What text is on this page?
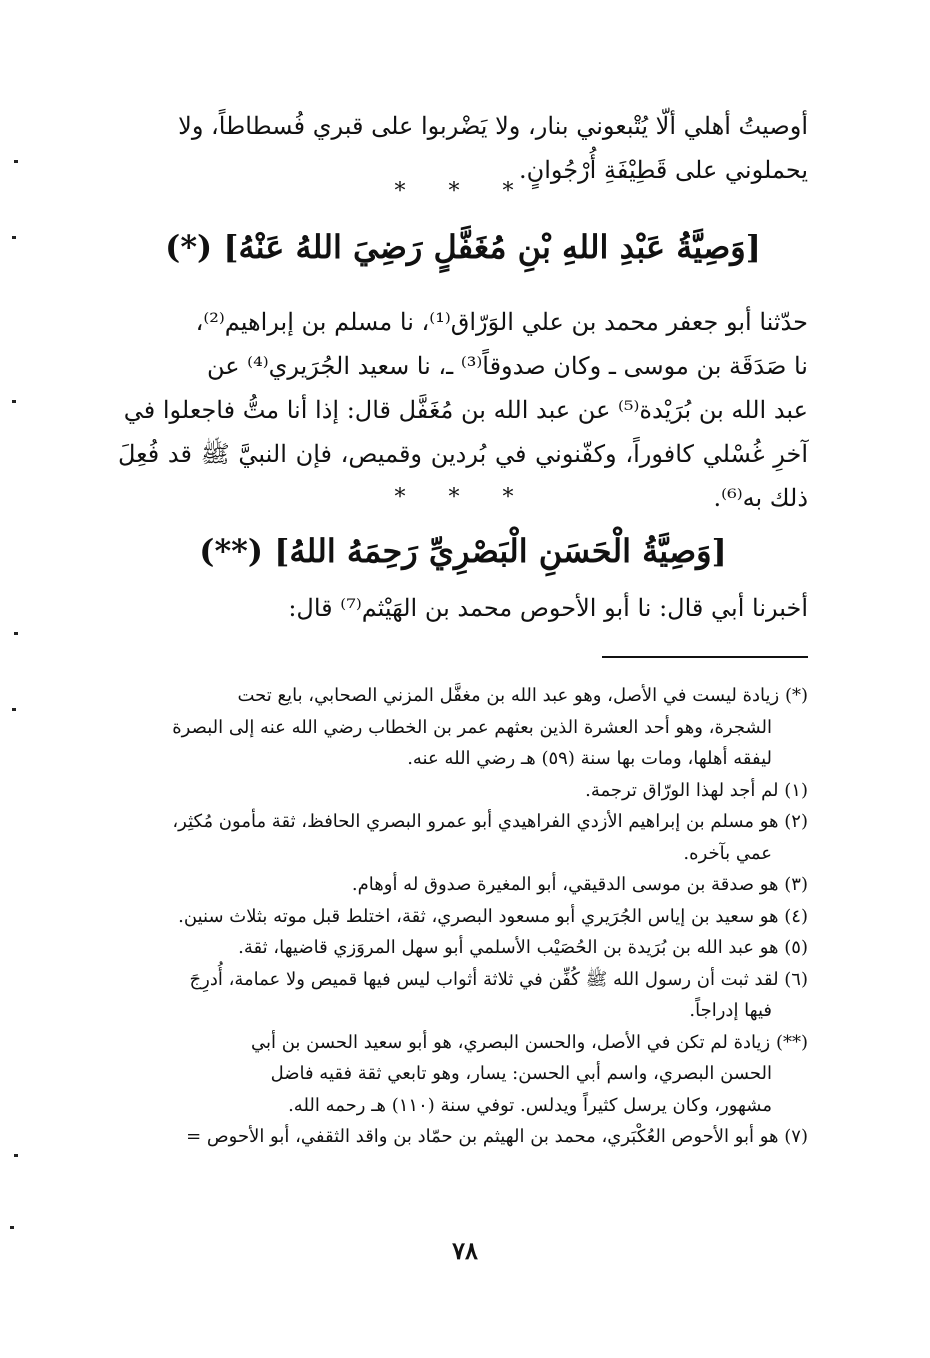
أوصيتُ أهلي ألّا يُتْبعوني بنار، ولا يَضْربوا على قبري فُسطاطاً، ولا

يحملوني على قَطِيْفَةِ أُرْجُوانٍ.

* * *
[وَصِيَّةُ عَبْدِ اللهِ بْنِ مُغَفَّلٍ رَضِيَ اللهُ عَنْهُ] (*)

حدّثنا أبو جعفر محمد بن علي الوَرّاق⁽¹⁾، نا مسلم بن إبراهيم⁽²⁾،

نا صَدَقَة بن موسى ـ وكان صدوقاً⁽³⁾ ـ، نا سعيد الجُرَيري⁽⁴⁾ عن

عبد الله بن بُرَيْدة⁽⁵⁾ عن عبد الله بن مُغَفَّل قال: إذا أنا متُّ فاجعلوا في

آخرِ غُسْلي كافوراً، وكفّنوني في بُردين وقميص، فإن النبيَّ ﷺ قد فُعِلَ ذلك به⁽⁶⁾.

* * *
[وَصِيَّةُ الْحَسَنِ الْبَصْرِيِّ رَحِمَهُ اللهُ] (**)

أخبرنا أبي قال: نا أبو الأحوص محمد بن الهَيْثم⁽⁷⁾ قال:

(*) زيادة ليست في الأصل، وهو عبد الله بن مغفَّل المزني الصحابي، بايع تحت

الشجرة، وهو أحد العشرة الذين بعثهم عمر بن الخطاب رضي الله عنه إلى البصرة

ليفقه أهلها، ومات بها سنة (٥٩) هـ رضي الله عنه.

(١) لم أجد لهذا الورّاق ترجمة.

(٢) هو مسلم بن إبراهيم الأزدي الفراهيدي أبو عمرو البصري الحافظ، ثقة مأمون مُكثِر،

عمي بآخره.

(٣) هو صدقة بن موسى الدقيقي، أبو المغيرة صدوق له أوهام.

(٤) هو سعيد بن إياس الجُرَيري أبو مسعود البصري، ثقة، اختلط قبل موته بثلاث سنين.

(٥) هو عبد الله بن بُرَيدة بن الحُصَيْب الأسلمي أبو سهل المروَزي قاضيها، ثقة.

(٦) لقد ثبت أن رسول الله ﷺ كُفِّن في ثلاثة أثواب ليس فيها قميص ولا عمامة، أُدرِجَ

فيها إدراجاً.

(**) زيادة لم تكن في الأصل، والحسن البصري، هو أبو سعيد الحسن بن أبي

الحسن البصري، واسم أبي الحسن: يسار، وهو تابعي ثقة فقيه فاضل

مشهور، وكان يرسل كثيراً ويدلس. توفي سنة (١١٠) هـ رحمه الله.

(٧) هو أبو الأحوص العُكْبَري، محمد بن الهيثم بن حمّاد بن واقد الثقفي، أبو الأحوص =

٧٨
